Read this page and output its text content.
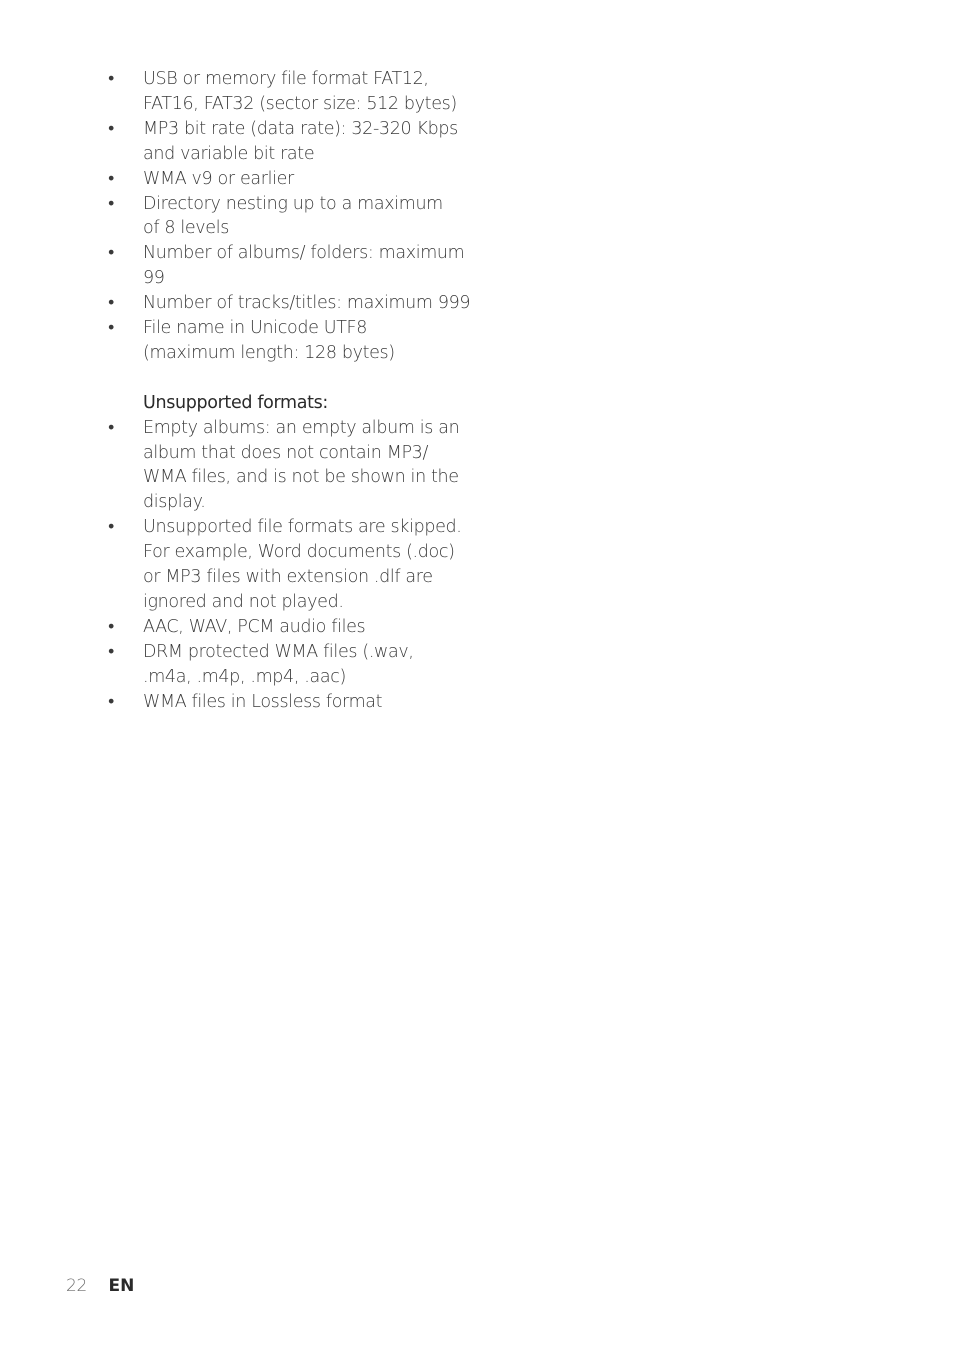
• USB or memory file format FAT12,
FAT16, FAT32 (sector size: 512 bytes)
• MP3 bit rate (data rate): 32-320 Kbps
and variable bit rate
• WMA v9 or earlier
• Directory nesting up to a maximum
of 8 levels
• Number of albums/ folders: maximum
99
• Number of tracks/titles: maximum 999
• File name in Unicode UTF8
(maximum length: 128 bytes)
Unsupported formats:
• Empty albums: an empty album is an
album that does not contain MP3/
WMA files, and is not be shown in the
display.
• Unsupported file formats are skipped.
For example, Word documents (.doc)
or MP3 files with extension .dlf are
ignored and not played.
• AAC, WAV, PCM audio files
• DRM protected WMA files (.wav,
.m4a, .m4p, .mp4, .aac)
• WMA files in Lossless format
22 EN
